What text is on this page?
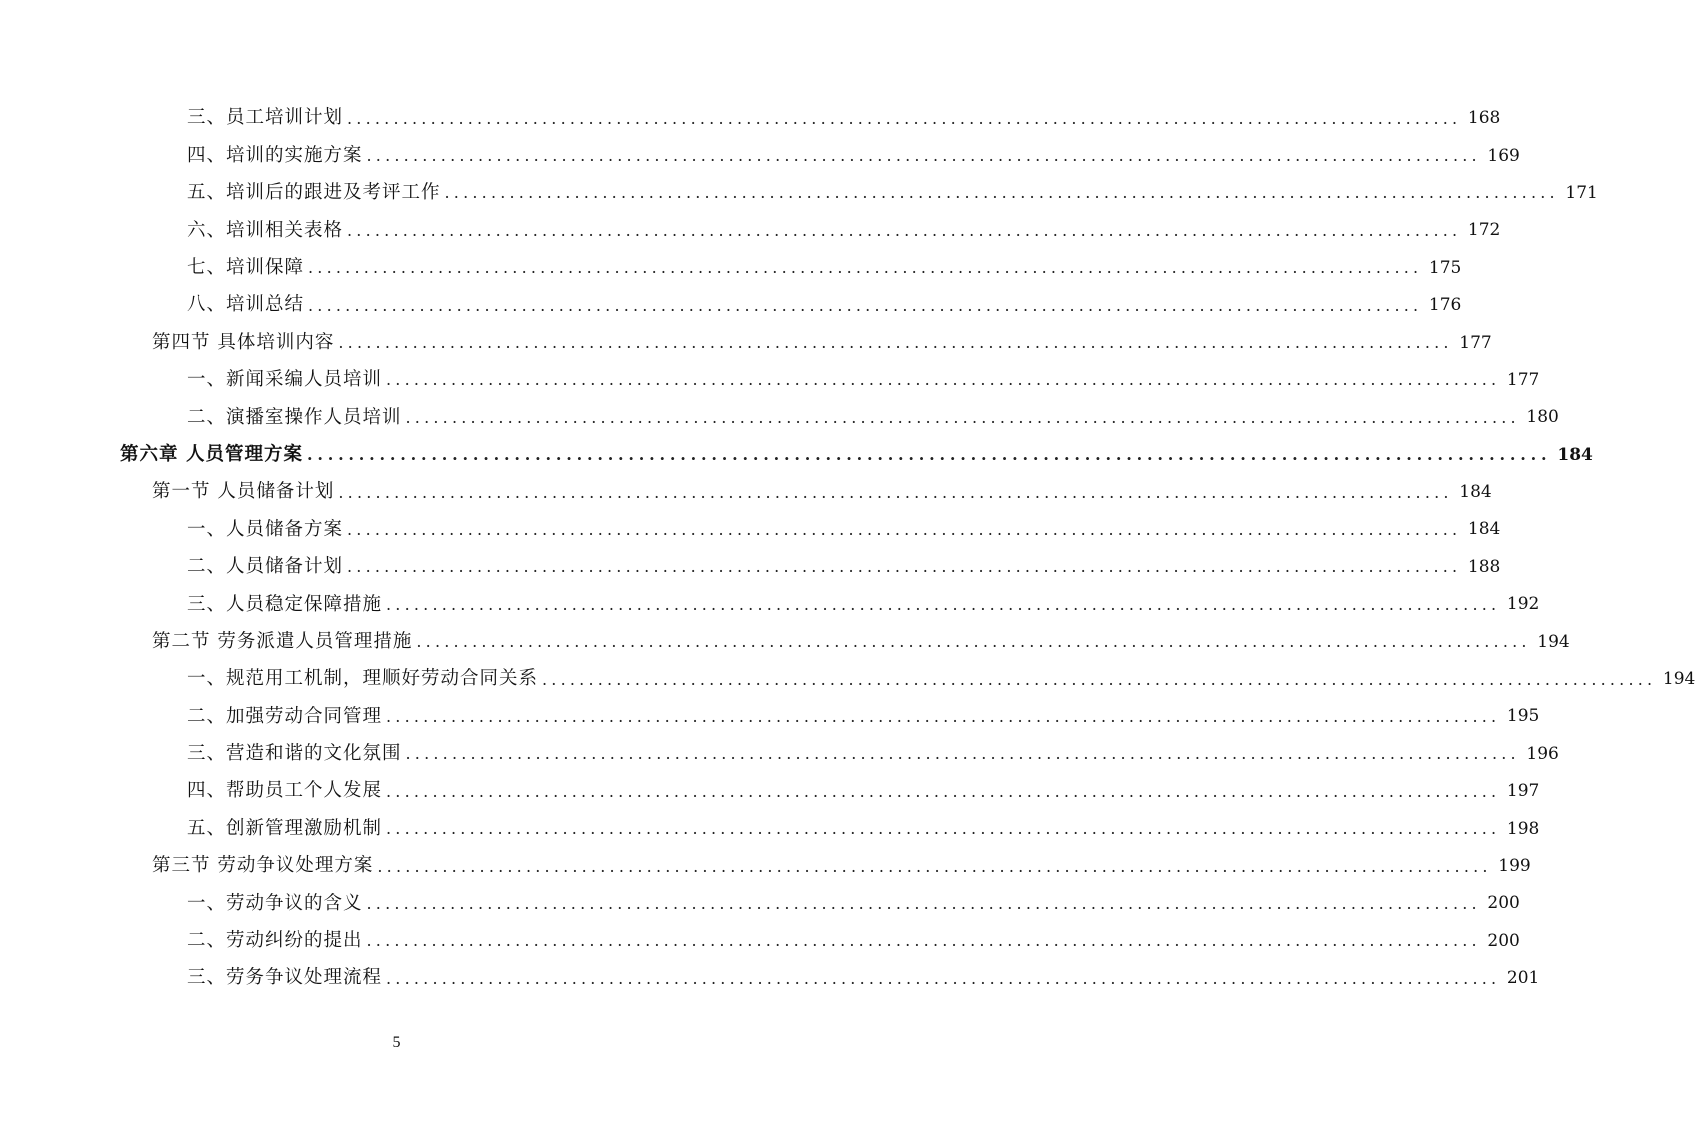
三、员工培训计划 ........................................................................................................................ 168
四、培训的实施方案 ........................................................................................................................ 169
五、培训后的跟进及考评工作 ........................................................................................................................ 171
六、培训相关表格 ........................................................................................................................ 172
七、培训保障 ........................................................................................................................ 175
八、培训总结 ........................................................................................................................ 176
第四节 具体培训内容 ........................................................................................................................ 177
一、新闻采编人员培训 ........................................................................................................................ 177
二、演播室操作人员培训 ........................................................................................................................ 180
第六章 人员管理方案 ........................................................................................................................ 184
第一节 人员储备计划 ........................................................................................................................ 184
一、人员储备方案 ........................................................................................................................ 184
二、人员储备计划 ........................................................................................................................ 188
三、人员稳定保障措施 ........................................................................................................................ 192
第二节 劳务派遣人员管理措施 ........................................................................................................................ 194
一、规范用工机制，理顺好劳动合同关系 ........................................................................................................................ 194
二、加强劳动合同管理 ........................................................................................................................ 195
三、营造和谐的文化氛围 ........................................................................................................................ 196
四、帮助员工个人发展 ........................................................................................................................ 197
五、创新管理激励机制 ........................................................................................................................ 198
第三节 劳动争议处理方案 ........................................................................................................................ 199
一、劳动争议的含义 ........................................................................................................................ 200
二、劳动纠纷的提出 ........................................................................................................................ 200
三、劳务争议处理流程 ........................................................................................................................ 201
5
